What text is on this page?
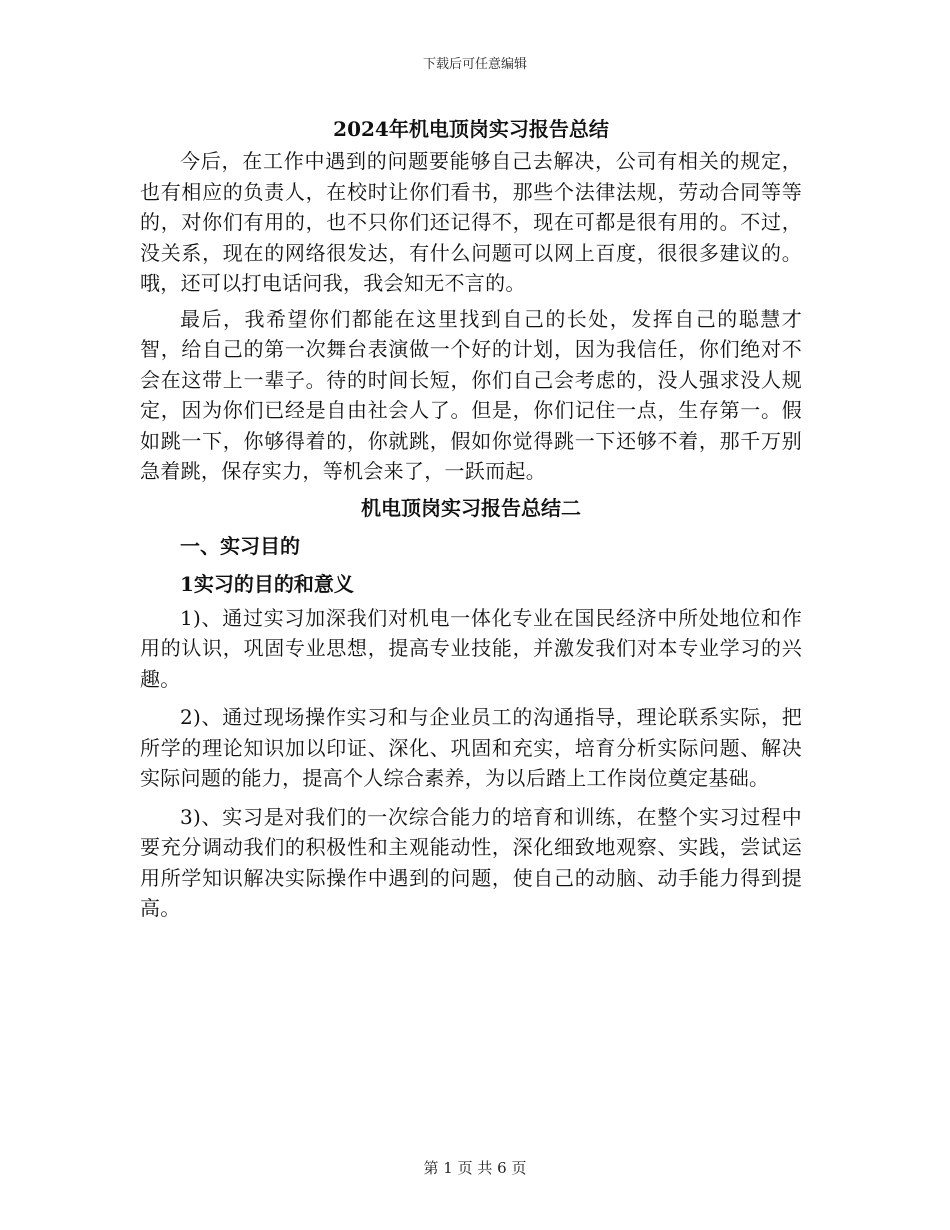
下载后可任意编辑
2024年机电顶岗实习报告总结

今后，在工作中遇到的问题要能够自己去解决，公司有相关的规定，也有相应的负责人，在校时让你们看书，那些个法律法规，劳动合同等等的，对你们有用的，也不只你们还记得不，现在可都是很有用的。不过，没关系，现在的网络很发达，有什么问题可以网上百度，很很多建议的。哦，还可以打电话问我，我会知无不言的。

最后，我希望你们都能在这里找到自己的长处，发挥自己的聪慧才智，给自己的第一次舞台表演做一个好的计划，因为我信任，你们绝对不会在这带上一辈子。待的时间长短，你们自己会考虑的，没人强求没人规定，因为你们已经是自由社会人了。但是，你们记住一点，生存第一。假如跳一下，你够得着的，你就跳，假如你觉得跳一下还够不着，那千万别急着跳，保存实力，等机会来了，一跃而起。

机电顶岗实习报告总结二
一、实习目的
1实习的目的和意义

1)、通过实习加深我们对机电一体化专业在国民经济中所处地位和作用的认识，巩固专业思想，提高专业技能，并激发我们对本专业学习的兴趣。

2)、通过现场操作实习和与企业员工的沟通指导，理论联系实际，把所学的理论知识加以印证、深化、巩固和充实，培育分析实际问题、解决实际问题的能力，提高个人综合素养，为以后踏上工作岗位奠定基础。

3)、实习是对我们的一次综合能力的培育和训练，在整个实习过程中要充分调动我们的积极性和主观能动性，深化细致地观察、实践，尝试运用所学知识解决实际操作中遇到的问题，使自己的动脑、动手能力得到提高。

第 1 页 共 6 页
